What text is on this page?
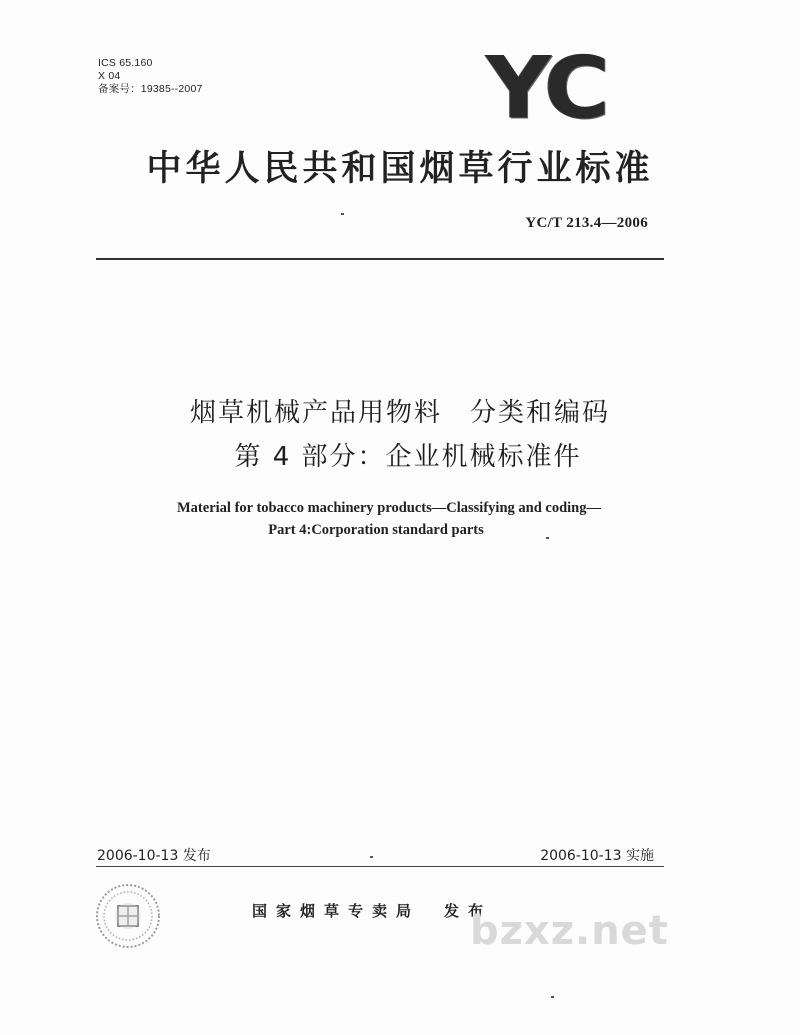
ICS 65.160
X 04
备案号：19385--2007	YC
中华人民共和国烟草行业标准
YC/T 213.4—2006
烟草机械产品用物料　分类和编码
第 4 部分：企业机械标准件
Material for tobacco machinery products—Classifying and coding—
Part 4:Corporation standard parts
2006-10-13 发布	2006-10-13 实施
国家烟草专卖局　发布
bzxz.net
